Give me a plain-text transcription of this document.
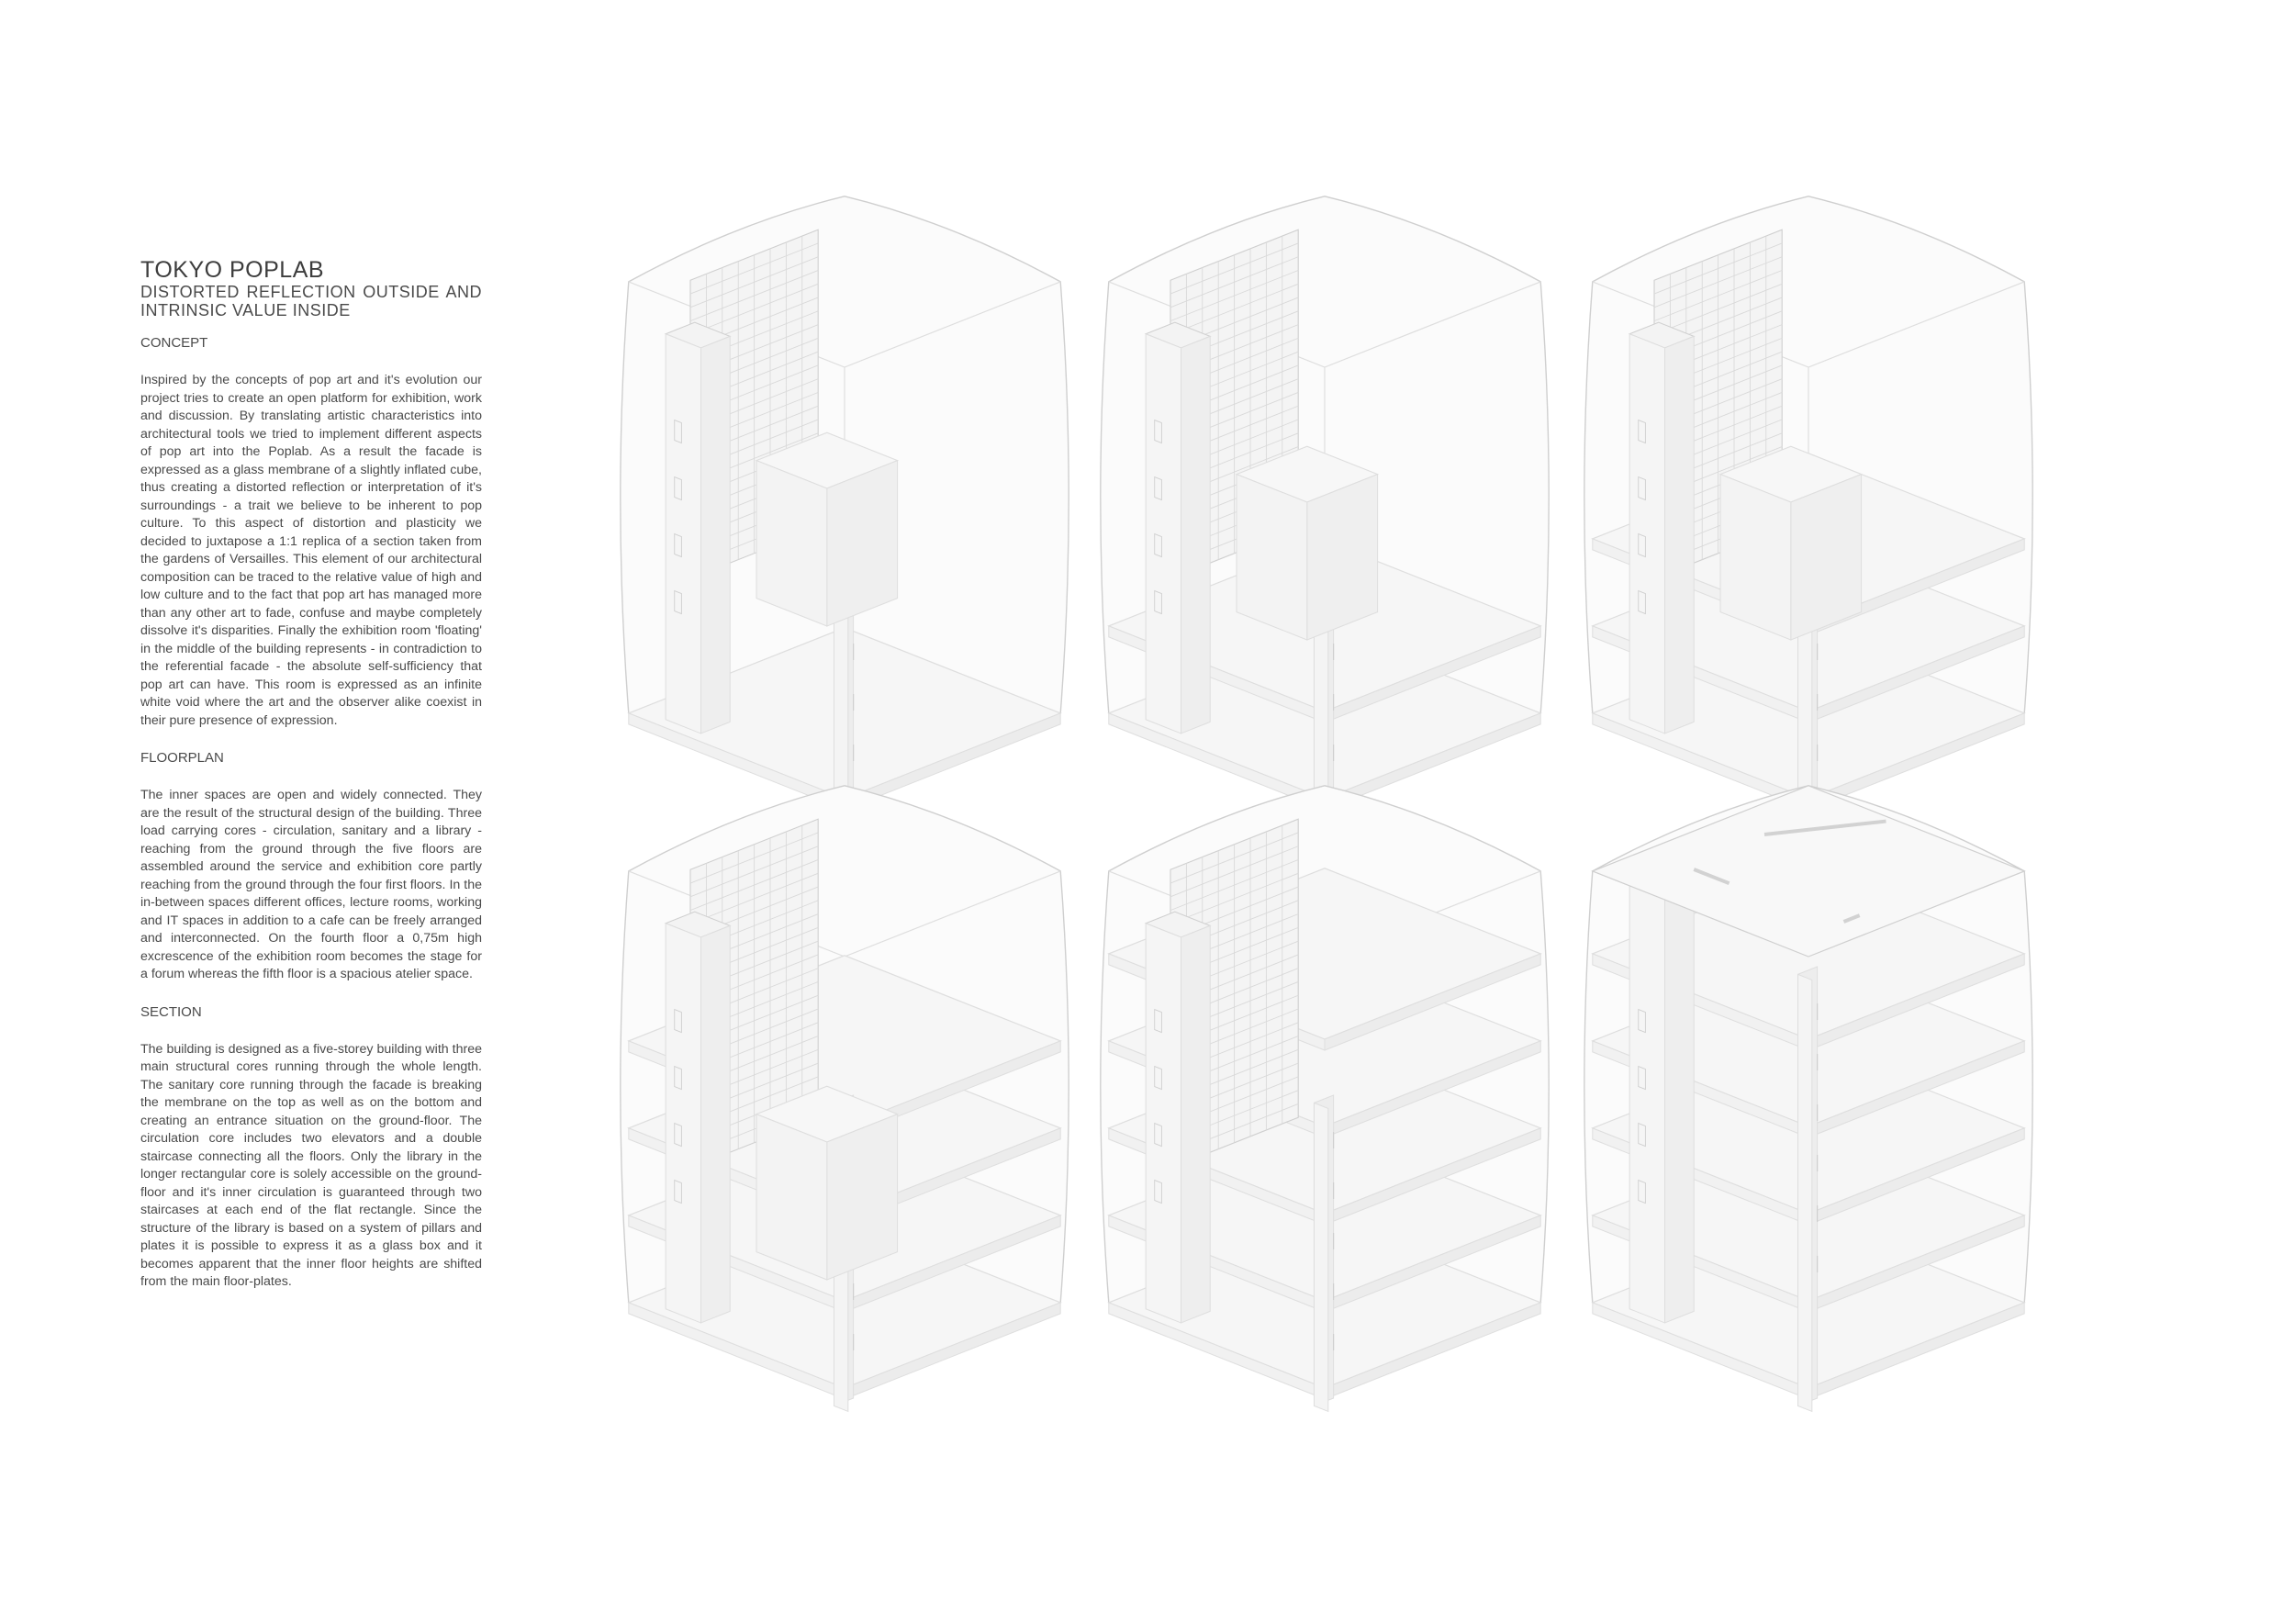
TOKYO POPLAB
DISTORTED REFLECTION OUTSIDE AND INTRINSIC VALUE INSIDE
CONCEPT

Inspired by the concepts of pop art and it's evolution our project tries to create an open platform for exhibition, work and discussion. By translating artistic characteristics into architectural tools we tried to implement different aspects of pop art into the Poplab. As a result the facade is expressed as a glass membrane of a slightly inflated cube, thus creating a distorted reflection or interpretation of it's surroundings - a trait we believe to be inherent to pop culture. To this aspect of distortion and plasticity we decided to juxtapose a 1:1 replica of a section taken from the gardens of Versailles. This element of our architectural composition can be traced to the relative value of high and low culture and to the fact that pop art has managed more than any other art to fade, confuse and maybe completely dissolve it's disparities. Finally the exhibition room 'floating' in the middle of the building represents - in contradiction to the referential facade - the absolute self-sufficiency that pop art can have. This room is expressed as an infinite white void where the art and the observer alike coexist in their pure presence of expression.

FLOORPLAN

The inner spaces are open and widely connected. They are the result of the structural design of the building. Three load carrying cores - circulation, sanitary and a library - reaching from the ground through the five floors are assembled around the service and exhibition core partly reaching from the ground through the four first floors. In the in-between spaces different offices, lecture rooms, working and IT spaces in addition to a cafe can be freely arranged and interconnected. On the fourth floor a 0,75m high excrescence of the exhibition room becomes the stage for a forum whereas the fifth floor is a spacious atelier space.

SECTION

The building is designed as a five-storey building with three main structural cores running through the whole length. The sanitary core running through the facade is breaking the membrane on the top as well as on the bottom and creating an entrance situation on the ground-floor. The circulation core includes two elevators and a double staircase connecting all the floors. Only the library in the longer rectangular core is solely accessible on the ground-floor and it's inner circulation is guaranteed through two staircases at each end of the flat rectangle. Since the structure of the library is based on a system of pillars and plates it is possible to express it as a glass box and it becomes apparent that the inner floor heights are shifted from the main floor-plates.
